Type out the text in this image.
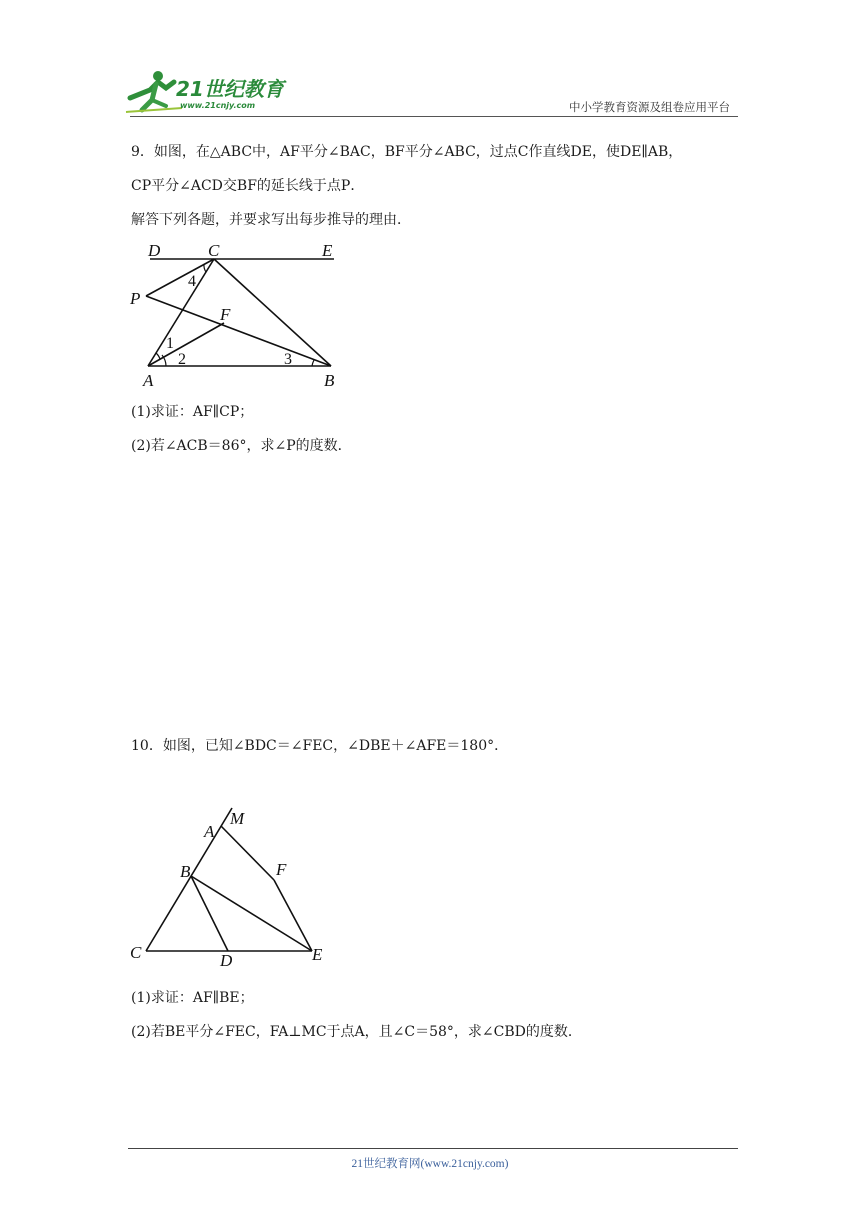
21世纪教育
www.21cnjy.com	中小学教育资源及组卷应用平台
9．如图，在△ABC中，AF平分∠BAC，BF平分∠ABC，过点C作直线DE，使DE∥AB，
CP平分∠ACD交BF的延长线于点P．
解答下列各题，并要求写出每步推导的理由．
D	C	E
P
F
A	B
1
2	3
4
(1)求证：AF∥CP；
(2)若∠ACB＝86°，求∠P的度数．
10．如图，已知∠BDC＝∠FEC，∠DBE＋∠AFE＝180°．
M
A
F
B
C	D	E
(1)求证：AF∥BE；
(2)若BE平分∠FEC，FA⊥MC于点A，且∠C＝58°，求∠CBD的度数．
21世纪教育网(www.21cnjy.com)
